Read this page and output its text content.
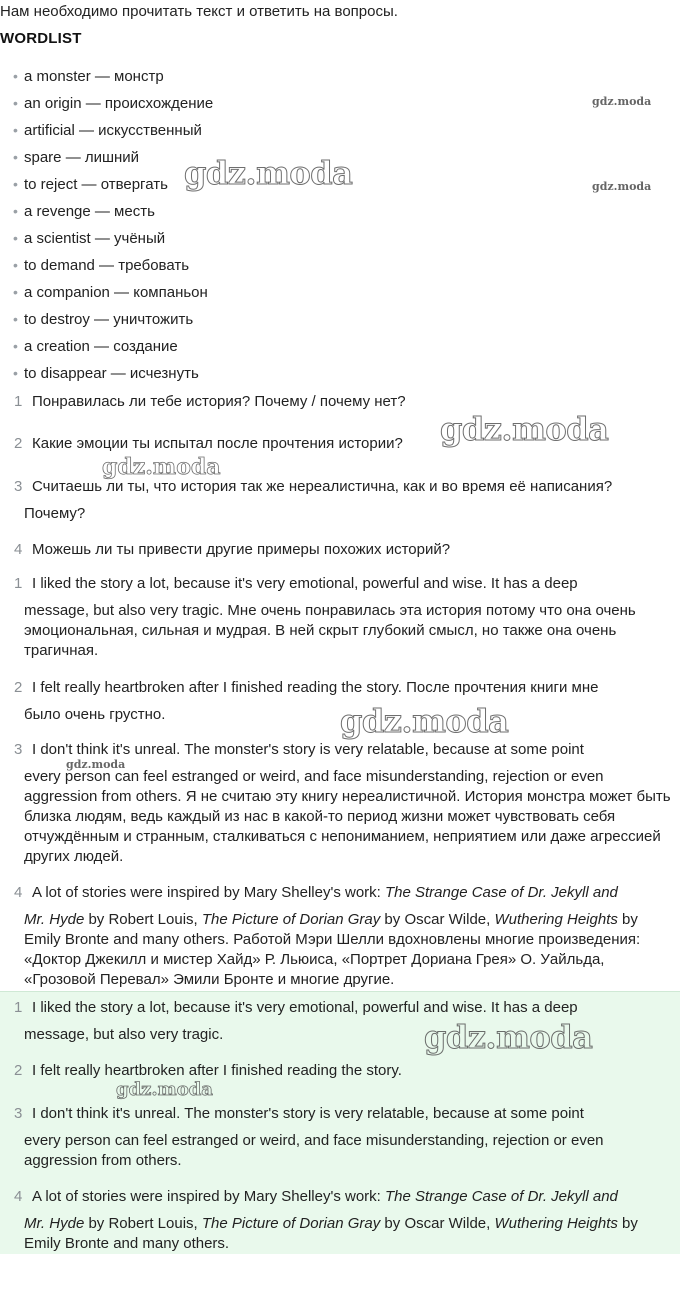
Нам необходимо прочитать текст и ответить на вопросы.
WORDLIST
• a monster — монстр
• an origin — происхождение
• artificial — искусственный
• spare — лишний
• to reject — отвергать
• a revenge — месть
• a scientist — учёный
• to demand — требовать
• a companion — компаньон
• to destroy — уничтожить
• a creation — создание
• to disappear — исчезнуть
1 Понравилась ли тебе история? Почему / почему нет?
2 Какие эмоции ты испытал после прочтения истории?
3 Считаешь ли ты, что история так же нереалистична, как и во время её написания?
Почему?
4 Можешь ли ты привести другие примеры похожих историй?
1 I liked the story a lot, because it's very emotional, powerful and wise. It has a deep
message, but also very tragic. Мне очень понравилась эта история потому что она очень эмоциональная, сильная и мудрая. В ней скрыт глубокий смысл, но также она очень трагичная.
2 I felt really heartbroken after I finished reading the story. После прочтения книги мне
было очень грустно.
3 I don't think it's unreal. The monster's story is very relatable, because at some point
every person can feel estranged or weird, and face misunderstanding, rejection or even aggression from others. Я не считаю эту книгу нереалистичной. История монстра может быть близка людям, ведь каждый из нас в какой-то период жизни может чувствовать себя отчуждённым и странным, сталкиваться с непониманием, неприятием или даже агрессией других людей.
4 A lot of stories were inspired by Mary Shelley's work: The Strange Case of Dr. Jekyll and
Mr. Hyde by Robert Louis, The Picture of Dorian Gray by Oscar Wilde, Wuthering Heights by
Emily Bronte and many others. Работой Мэри Шелли вдохновлены многие произведения: «Доктор Джекилл и мистер Хайд» Р. Льюиса, «Портрет Дориана Грея» О. Уайльда, «Грозовой Перевал» Эмили Бронте и многие другие.
1 I liked the story a lot, because it's very emotional, powerful and wise. It has a deep
message, but also very tragic.
2 I felt really heartbroken after I finished reading the story.
3 I don't think it's unreal. The monster's story is very relatable, because at some point
every person can feel estranged or weird, and face misunderstanding, rejection or even aggression from others.
4 A lot of stories were inspired by Mary Shelley's work: The Strange Case of Dr. Jekyll and
Mr. Hyde by Robert Louis, The Picture of Dorian Gray by Oscar Wilde, Wuthering Heights by
Emily Bronte and many others.
gdz.moda
gdz.moda	gdz.moda
gdz.moda
gdz.moda
gdz.moda
gdz.moda
gdz.moda
gdz.moda
